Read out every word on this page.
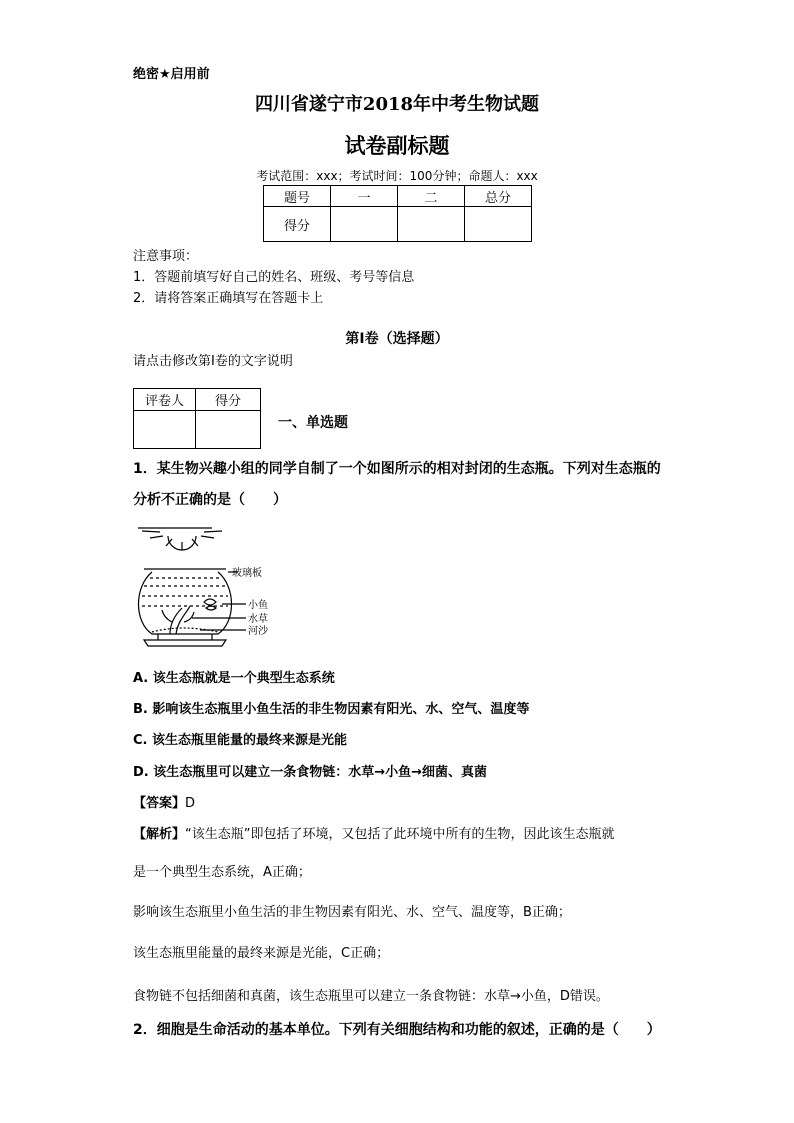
绝密★启用前
四川省遂宁市2018年中考生物试题
试卷副标题
考试范围：xxx；考试时间：100分钟；命题人：xxx
题号	一	二	总分
得分			
注意事项：
1．答题前填写好自己的姓名、班级、考号等信息
2．请将答案正确填写在答题卡上
第I卷（选择题）
请点击修改第I卷的文字说明
评卷人	得分

一、单选题
1．某生物兴趣小组的同学自制了一个如图所示的相对封闭的生态瓶。下列对生态瓶的
分析不正确的是（　　）
玻璃板
小鱼
水草
河沙
A. 该生态瓶就是一个典型生态系统
B. 影响该生态瓶里小鱼生活的非生物因素有阳光、水、空气、温度等
C. 该生态瓶里能量的最终来源是光能
D. 该生态瓶里可以建立一条食物链：水草→小鱼→细菌、真菌
【答案】D
【解析】“该生态瓶”即包括了环境，又包括了此环境中所有的生物，因此该生态瓶就
是一个典型生态系统，A正确；
影响该生态瓶里小鱼生活的非生物因素有阳光、水、空气、温度等，B正确；
该生态瓶里能量的最终来源是光能，C正确；
食物链不包括细菌和真菌，该生态瓶里可以建立一条食物链：水草→小鱼，D错误。
2．细胞是生命活动的基本单位。下列有关细胞结构和功能的叙述，正确的是（　　）
